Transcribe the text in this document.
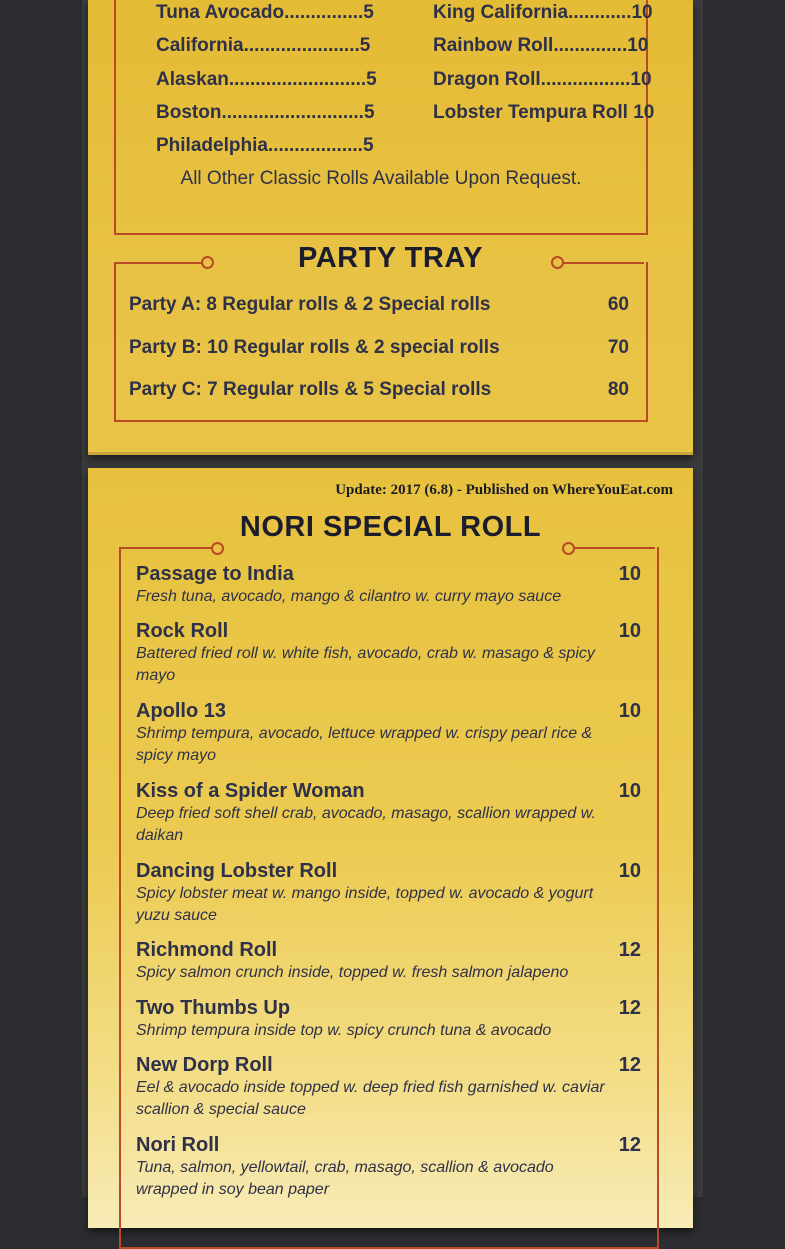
Tuna Avocado...............5
California......................5
Alaskan..........................5
Boston...........................5
Philadelphia..................5
King California............10
Rainbow Roll..............10
Dragon Roll.................10
Lobster Tempura Roll 10
All Other Classic Rolls Available Upon Request.
PARTY TRAY
Party A: 8 Regular rolls & 2 Special rolls	60
Party B: 10 Regular rolls & 2 special rolls	70
Party C: 7 Regular rolls & 5 Special rolls	80
Update: 2017 (6.8) - Published on WhereYouEat.com
NORI SPECIAL ROLL
Passage to India	10
Fresh tuna, avocado, mango & cilantro w. curry mayo sauce
Rock Roll	10
Battered fried roll w. white fish, avocado, crab w. masago & spicy mayo
Apollo 13	10
Shrimp tempura, avocado, lettuce wrapped w. crispy pearl rice & spicy mayo
Kiss of a Spider Woman	10
Deep fried soft shell crab, avocado, masago, scallion wrapped w. daikan
Dancing Lobster Roll	10
Spicy lobster meat w. mango inside, topped w. avocado & yogurt yuzu sauce
Richmond Roll	12
Spicy salmon crunch inside, topped w. fresh salmon jalapeno
Two Thumbs Up	12
Shrimp tempura inside top w. spicy crunch tuna & avocado
New Dorp Roll	12
Eel & avocado inside topped w. deep fried fish garnished w. caviar scallion & special sauce
Nori Roll	12
Tuna, salmon, yellowtail, crab, masago, scallion & avocado wrapped in soy bean paper
